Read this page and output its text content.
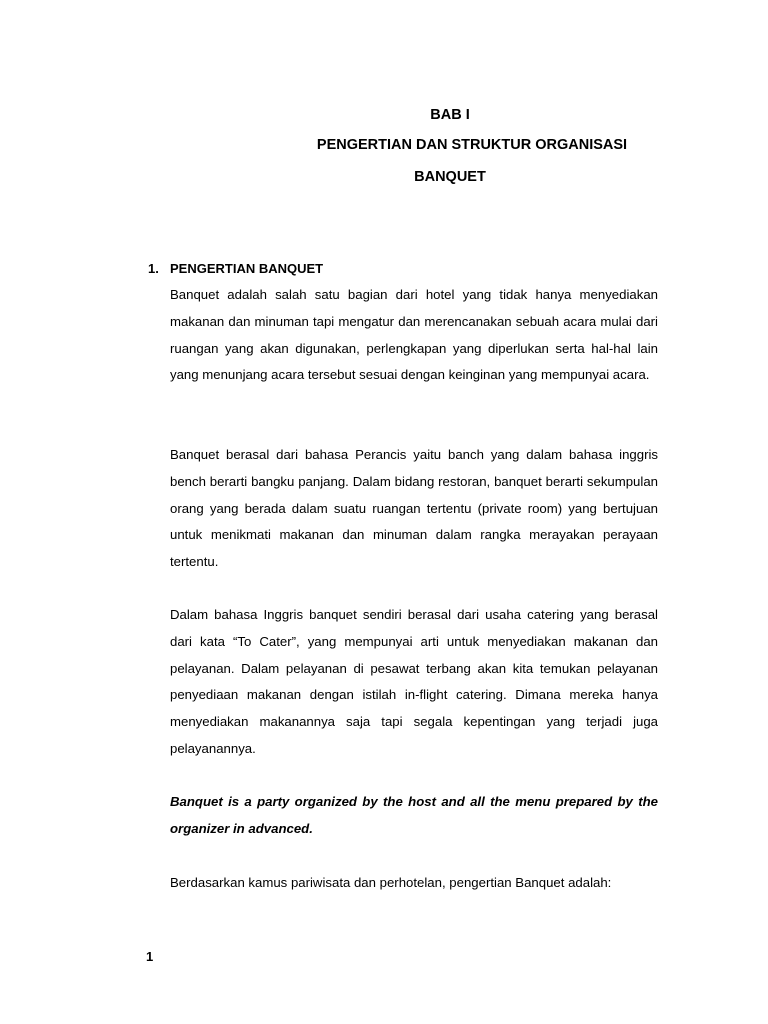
BAB I
PENGERTIAN DAN STRUKTUR ORGANISASI
BANQUET
1. PENGERTIAN BANQUET

Banquet adalah salah satu bagian dari hotel yang tidak hanya menyediakan makanan dan minuman tapi mengatur dan merencanakan sebuah acara mulai dari ruangan yang akan digunakan, perlengkapan yang diperlukan serta hal-hal lain yang menunjang acara tersebut sesuai dengan keinginan yang mempunyai acara.

Banquet berasal dari bahasa Perancis yaitu banch yang dalam bahasa inggris bench berarti bangku panjang. Dalam bidang restoran, banquet berarti sekumpulan orang yang berada dalam suatu ruangan tertentu (private room) yang bertujuan untuk menikmati makanan dan minuman dalam rangka merayakan perayaan tertentu.

Dalam bahasa Inggris banquet sendiri berasal dari usaha catering yang berasal dari kata “To Cater”, yang mempunyai arti untuk menyediakan makanan dan pelayanan. Dalam pelayanan di pesawat terbang akan kita temukan pelayanan penyediaan makanan dengan istilah in-flight catering. Dimana mereka hanya menyediakan makanannya saja tapi segala kepentingan yang terjadi juga pelayanannya.

Banquet is a party organized by the host and all the menu prepared by the organizer in advanced.

Berdasarkan kamus pariwisata dan perhotelan, pengertian Banquet adalah:

1
